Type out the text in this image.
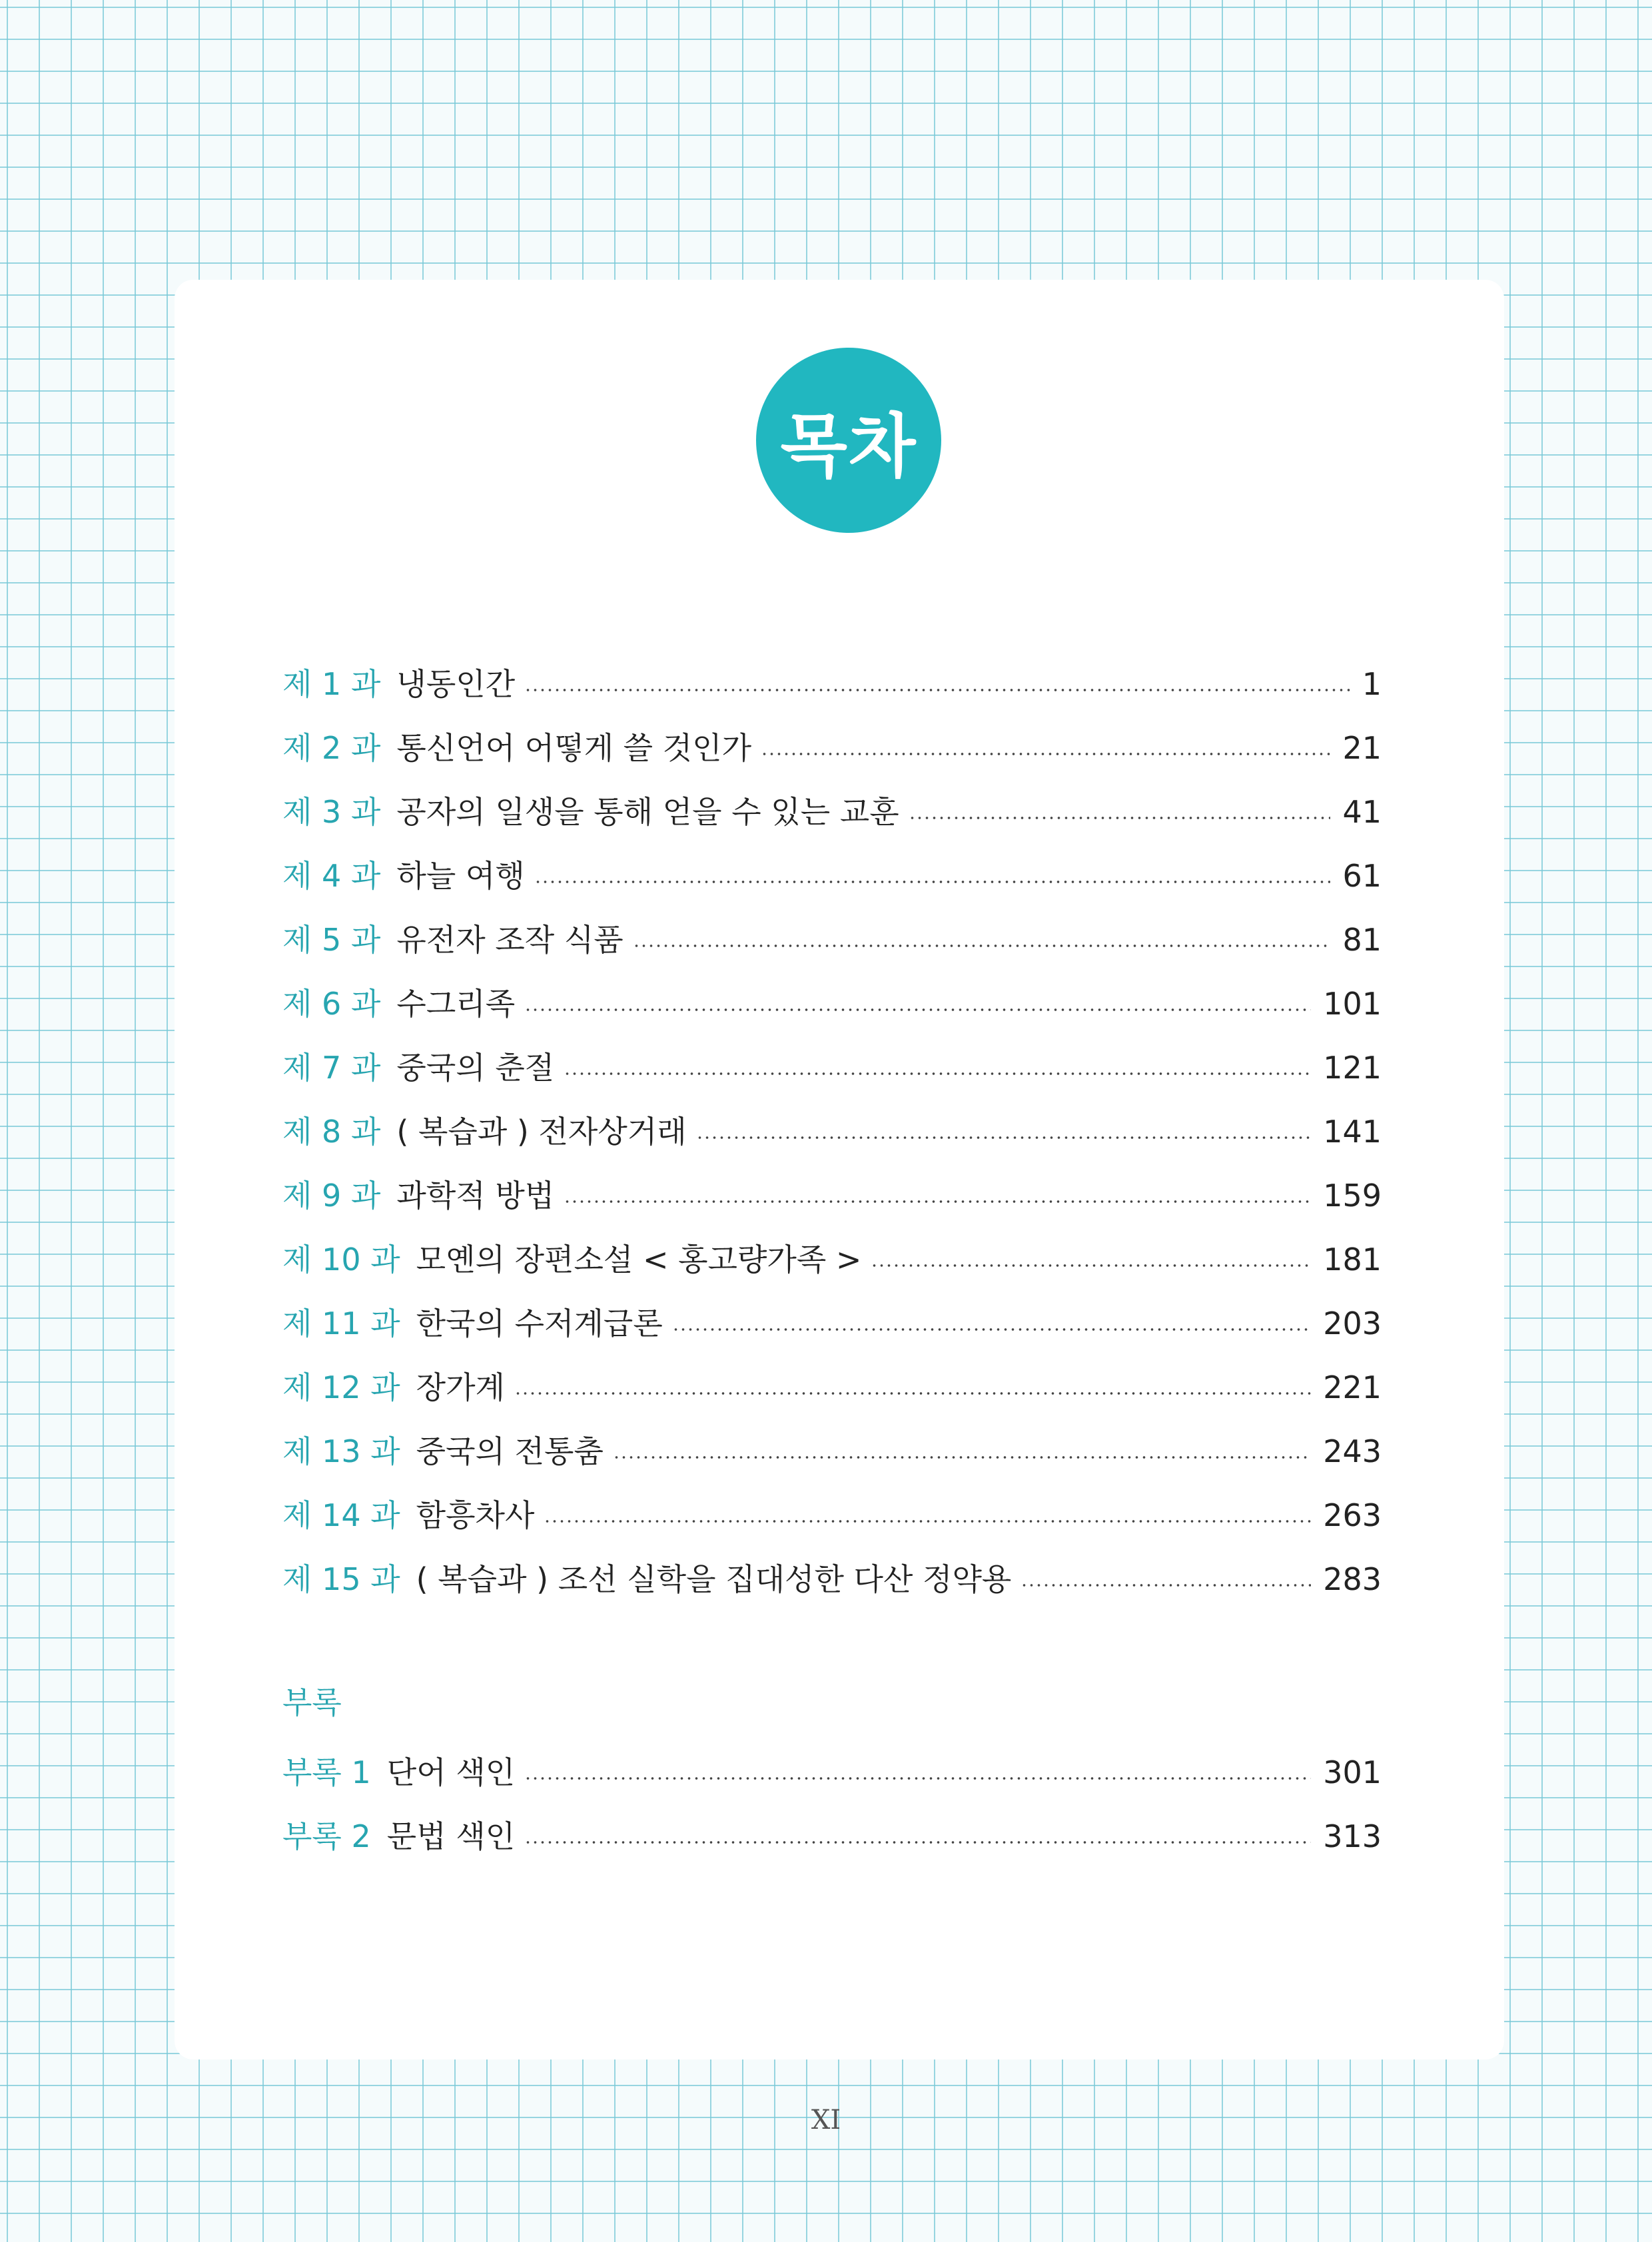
목차
제 1 과 냉동인간	1
제 2 과 통신언어 어떻게 쓸 것인가	21
제 3 과 공자의 일생을 통해 얻을 수 있는 교훈	41
제 4 과 하늘 여행	61
제 5 과 유전자 조작 식품	81
제 6 과 수그리족	101
제 7 과 중국의 춘절	121
제 8 과 ( 복습과 ) 전자상거래	141
제 9 과 과학적 방법	159
제 10 과 모옌의 장편소설 < 홍고량가족 >	181
제 11 과 한국의 수저계급론	203
제 12 과 장가계	221
제 13 과 중국의 전통춤	243
제 14 과 함흥차사	263
제 15 과 ( 복습과 ) 조선 실학을 집대성한 다산 정약용	283
부록
부록 1 단어 색인	301
부록 2 문법 색인	313
XI
